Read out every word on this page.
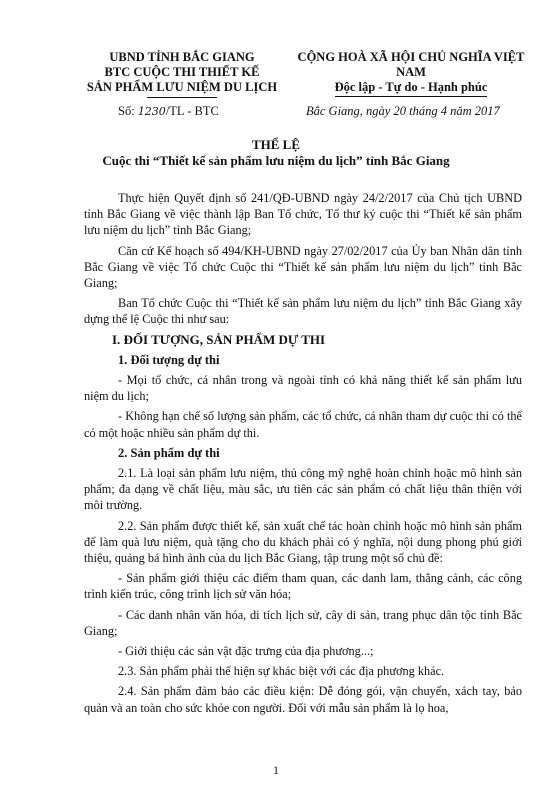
UBND TỈNH BẮC GIANG
BTC CUỘC THI THIẾT KẾ
SẢN PHẨM LƯU NIỆM DU LỊCH
CỘNG HOÀ XÃ HỘI CHỦ NGHĨA VIỆT NAM
Độc lập - Tự do - Hạnh phúc
Số: 1230/TL - BTC	Bắc Giang, ngày 20 tháng 4 năm 2017
THỂ LỆ
Cuộc thi “Thiết kế sản phẩm lưu niệm du lịch” tỉnh Bắc Giang

Thực hiện Quyết định số 241/QĐ-UBND ngày 24/2/2017 của Chủ tịch UBND tỉnh Bắc Giang về việc thành lập Ban Tổ chức, Tổ thư ký cuộc thi “Thiết kế sản phẩm lưu niệm du lịch” tỉnh Bắc Giang;

Căn cứ Kế hoạch số 494/KH-UBND ngày 27/02/2017 của Ủy ban Nhân dân tỉnh Bắc Giang về việc Tổ chức Cuộc thi “Thiết kế sản phẩm lưu niệm du lịch” tỉnh Bắc Giang;

Ban Tổ chức Cuộc thi “Thiết kế sản phẩm lưu niệm du lịch” tỉnh Bắc Giang xây dựng thể lệ Cuộc thi như sau:

I. ĐỐI TƯỢNG, SẢN PHẨM DỰ THI
1. Đối tượng dự thi

- Mọi tổ chức, cá nhân trong và ngoài tỉnh có khả năng thiết kế sản phẩm lưu niệm du lịch;

- Không hạn chế số lượng sản phẩm, các tổ chức, cá nhân tham dự cuộc thi có thể có một hoặc nhiều sản phẩm dự thi.

2. Sản phẩm dự thi

2.1. Là loại sản phẩm lưu niệm, thủ công mỹ nghệ hoàn chỉnh hoặc mô hình sản phẩm; đa dạng về chất liệu, màu sắc, ưu tiên các sản phẩm có chất liệu thân thiện với môi trường.

2.2. Sản phẩm được thiết kế, sản xuất chế tác hoàn chỉnh hoặc mô hình sản phẩm để làm quà lưu niệm, quà tặng cho du khách phải có ý nghĩa, nội dung phong phú giới thiệu, quảng bá hình ảnh của du lịch Bắc Giang, tập trung một số chủ đề:

- Sản phẩm giới thiệu các điểm tham quan, các danh lam, thắng cảnh, các công trình kiến trúc, công trình lịch sử văn hóa;

- Các danh nhân văn hóa, di tích lịch sử, cây di sản, trang phục dân tộc tỉnh Bắc Giang;

- Giới thiệu các sản vật đặc trưng của địa phương...;

2.3. Sản phẩm phải thể hiện sự khác biệt với các địa phương khác.

2.4. Sản phẩm đảm bảo các điều kiện: Dễ đóng gói, vận chuyển, xách tay, bảo quản và an toàn cho sức khỏe con người. Đối với mẫu sản phẩm là lọ hoa,

1
